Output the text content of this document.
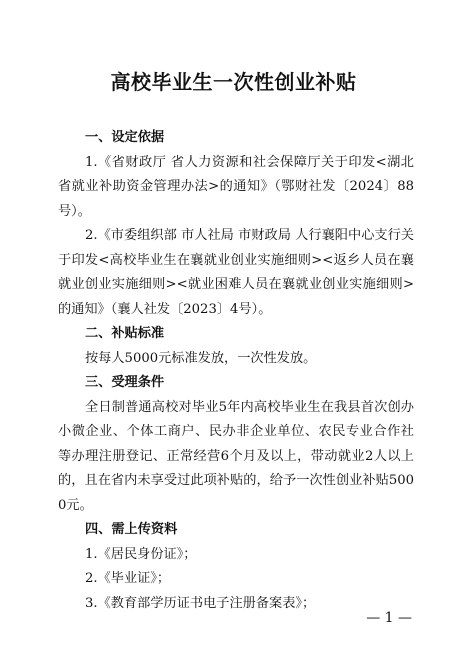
高校毕业生一次性创业补贴
一、设定依据
1.《省财政厅 省人力资源和社会保障厅关于印发<湖北省就业补助资金管理办法>的通知》（鄂财社发〔2024〕88号）。
2.《市委组织部 市人社局 市财政局 人行襄阳中心支行关于印发<高校毕业生在襄就业创业实施细则><返乡人员在襄就业创业实施细则><就业困难人员在襄就业创业实施细则>的通知》（襄人社发〔2023〕4号）。
二、补贴标准
按每人5000元标准发放，一次性发放。
三、受理条件
全日制普通高校对毕业5年内高校毕业生在我县首次创办小微企业、个体工商户、民办非企业单位、农民专业合作社等办理注册登记、正常经营6个月及以上，带动就业2人以上的，且在省内未享受过此项补贴的，给予一次性创业补贴5000元。
四、需上传资料
1.《居民身份证》；
2.《毕业证》；
3.《教育部学历证书电子注册备案表》；
— 1 —
